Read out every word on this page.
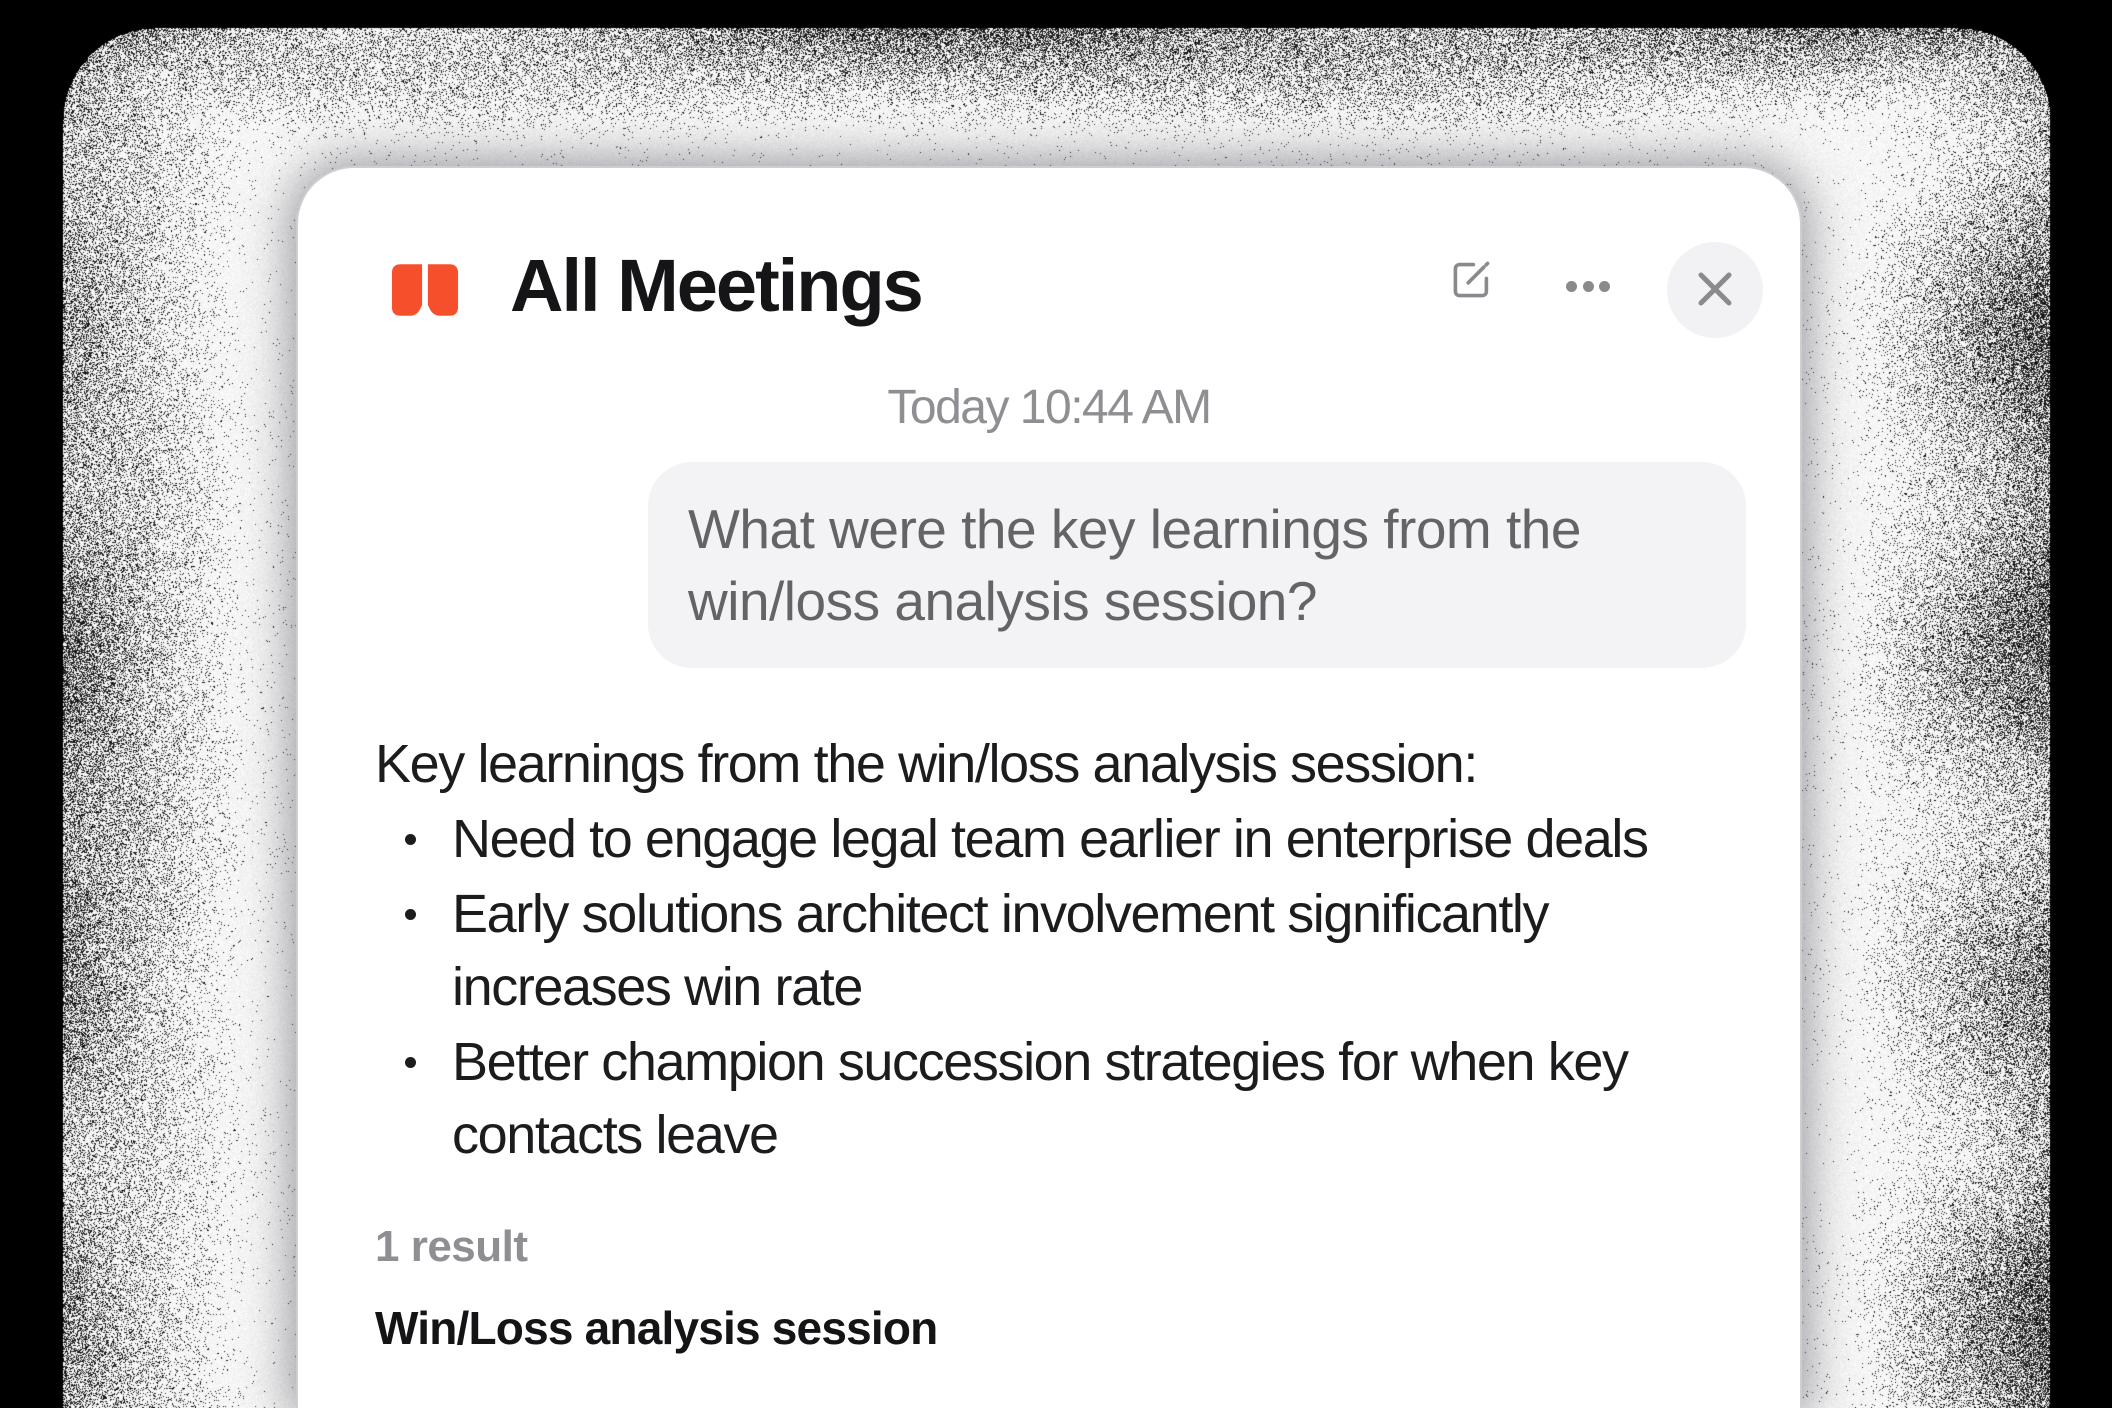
All Meetings
Today 10:44 AM
What were the key learnings from the
win/loss analysis session?
Key learnings from the win/loss analysis session:
Need to engage legal team earlier in enterprise deals
Early solutions architect involvement significantly
increases win rate
Better champion succession strategies for when key
contacts leave
1 result
Win/Loss analysis session
